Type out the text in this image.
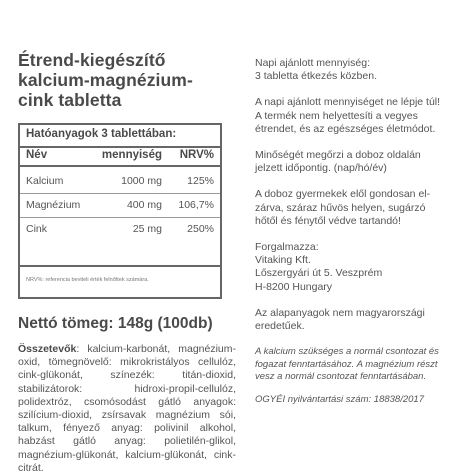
Étrend-kiegészítő
kalcium-magnézium-
cink tabletta
Hatóanyagok 3 tablettában:
Név	mennyiség NRV%
Kalcium	1000 mg 125%
Magnézium	400 mg 106,7%
Cink	25 mg 250%
NRV%: referencia beviteli érték felnőttek számára.
Nettó tömeg: 148g (100db)
Összetevők: kalcium-karbonát, magnézium-oxid, tömegnövelő: mikrokristályos cellulóz, cink-glükonát, színezék: titán-dioxid, stabilizátorok: hidroxi-propil-cellulóz, polidextróz, csomósodást gátló anyagok: szilícium-dioxid, zsírsavak magnézium sói, talkum, fényező anyag: polivinil alkohol, habzást gátló anyag: polietilén-glikol, magnézium-glükonát, kalcium-glükonát, cink-citrát.
Napi ajánlott mennyiség:
3 tabletta étkezés közben.
A napi ajánlott mennyiséget ne lépje túl!
A termék nem helyettesíti a vegyes
étrendet, és az egészséges életmódot.
Minőségét megőrzi a doboz oldalán
jelzett időpontig. (nap/hó/év)
A doboz gyermekek elől gondosan el-
zárva, száraz hűvös helyen, sugárzó
hőtől és fénytől védve tartandó!
Forgalmazza:
Vitaking Kft.
Lőszergyári út 5. Veszprém
H-8200 Hungary
Az alapanyagok nem magyarországi
eredetűek.
A kalcium szükséges a normál csontozat és
fogazat fenntartásához. A magnézium részt
vesz a normál csontozat fenntartásában.
OGYÉI nyilvántartási szám: 18838/2017
